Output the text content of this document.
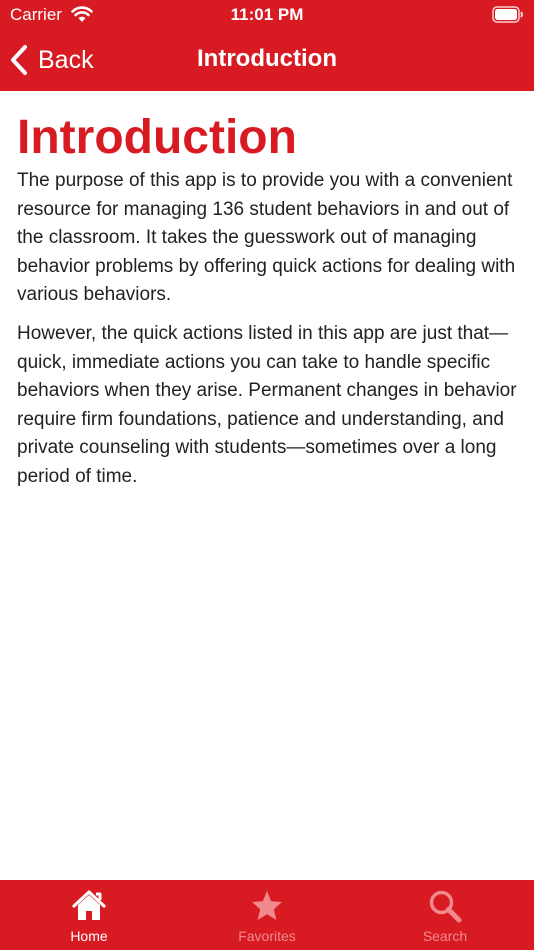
Carrier	11:01 PM
Back	Introduction
Introduction

The purpose of this app is to provide you with a convenient resource for managing 136 student behaviors in and out of the classroom. It takes the guesswork out of managing behavior problems by offering quick actions for dealing with various behaviors.

However, the quick actions listed in this app are just that—quick, immediate actions you can take to handle specific behaviors when they arise. Permanent changes in behavior require firm foundations, patience and understanding, and private counseling with students—sometimes over a long period of time.

Home	Favorites	Search
